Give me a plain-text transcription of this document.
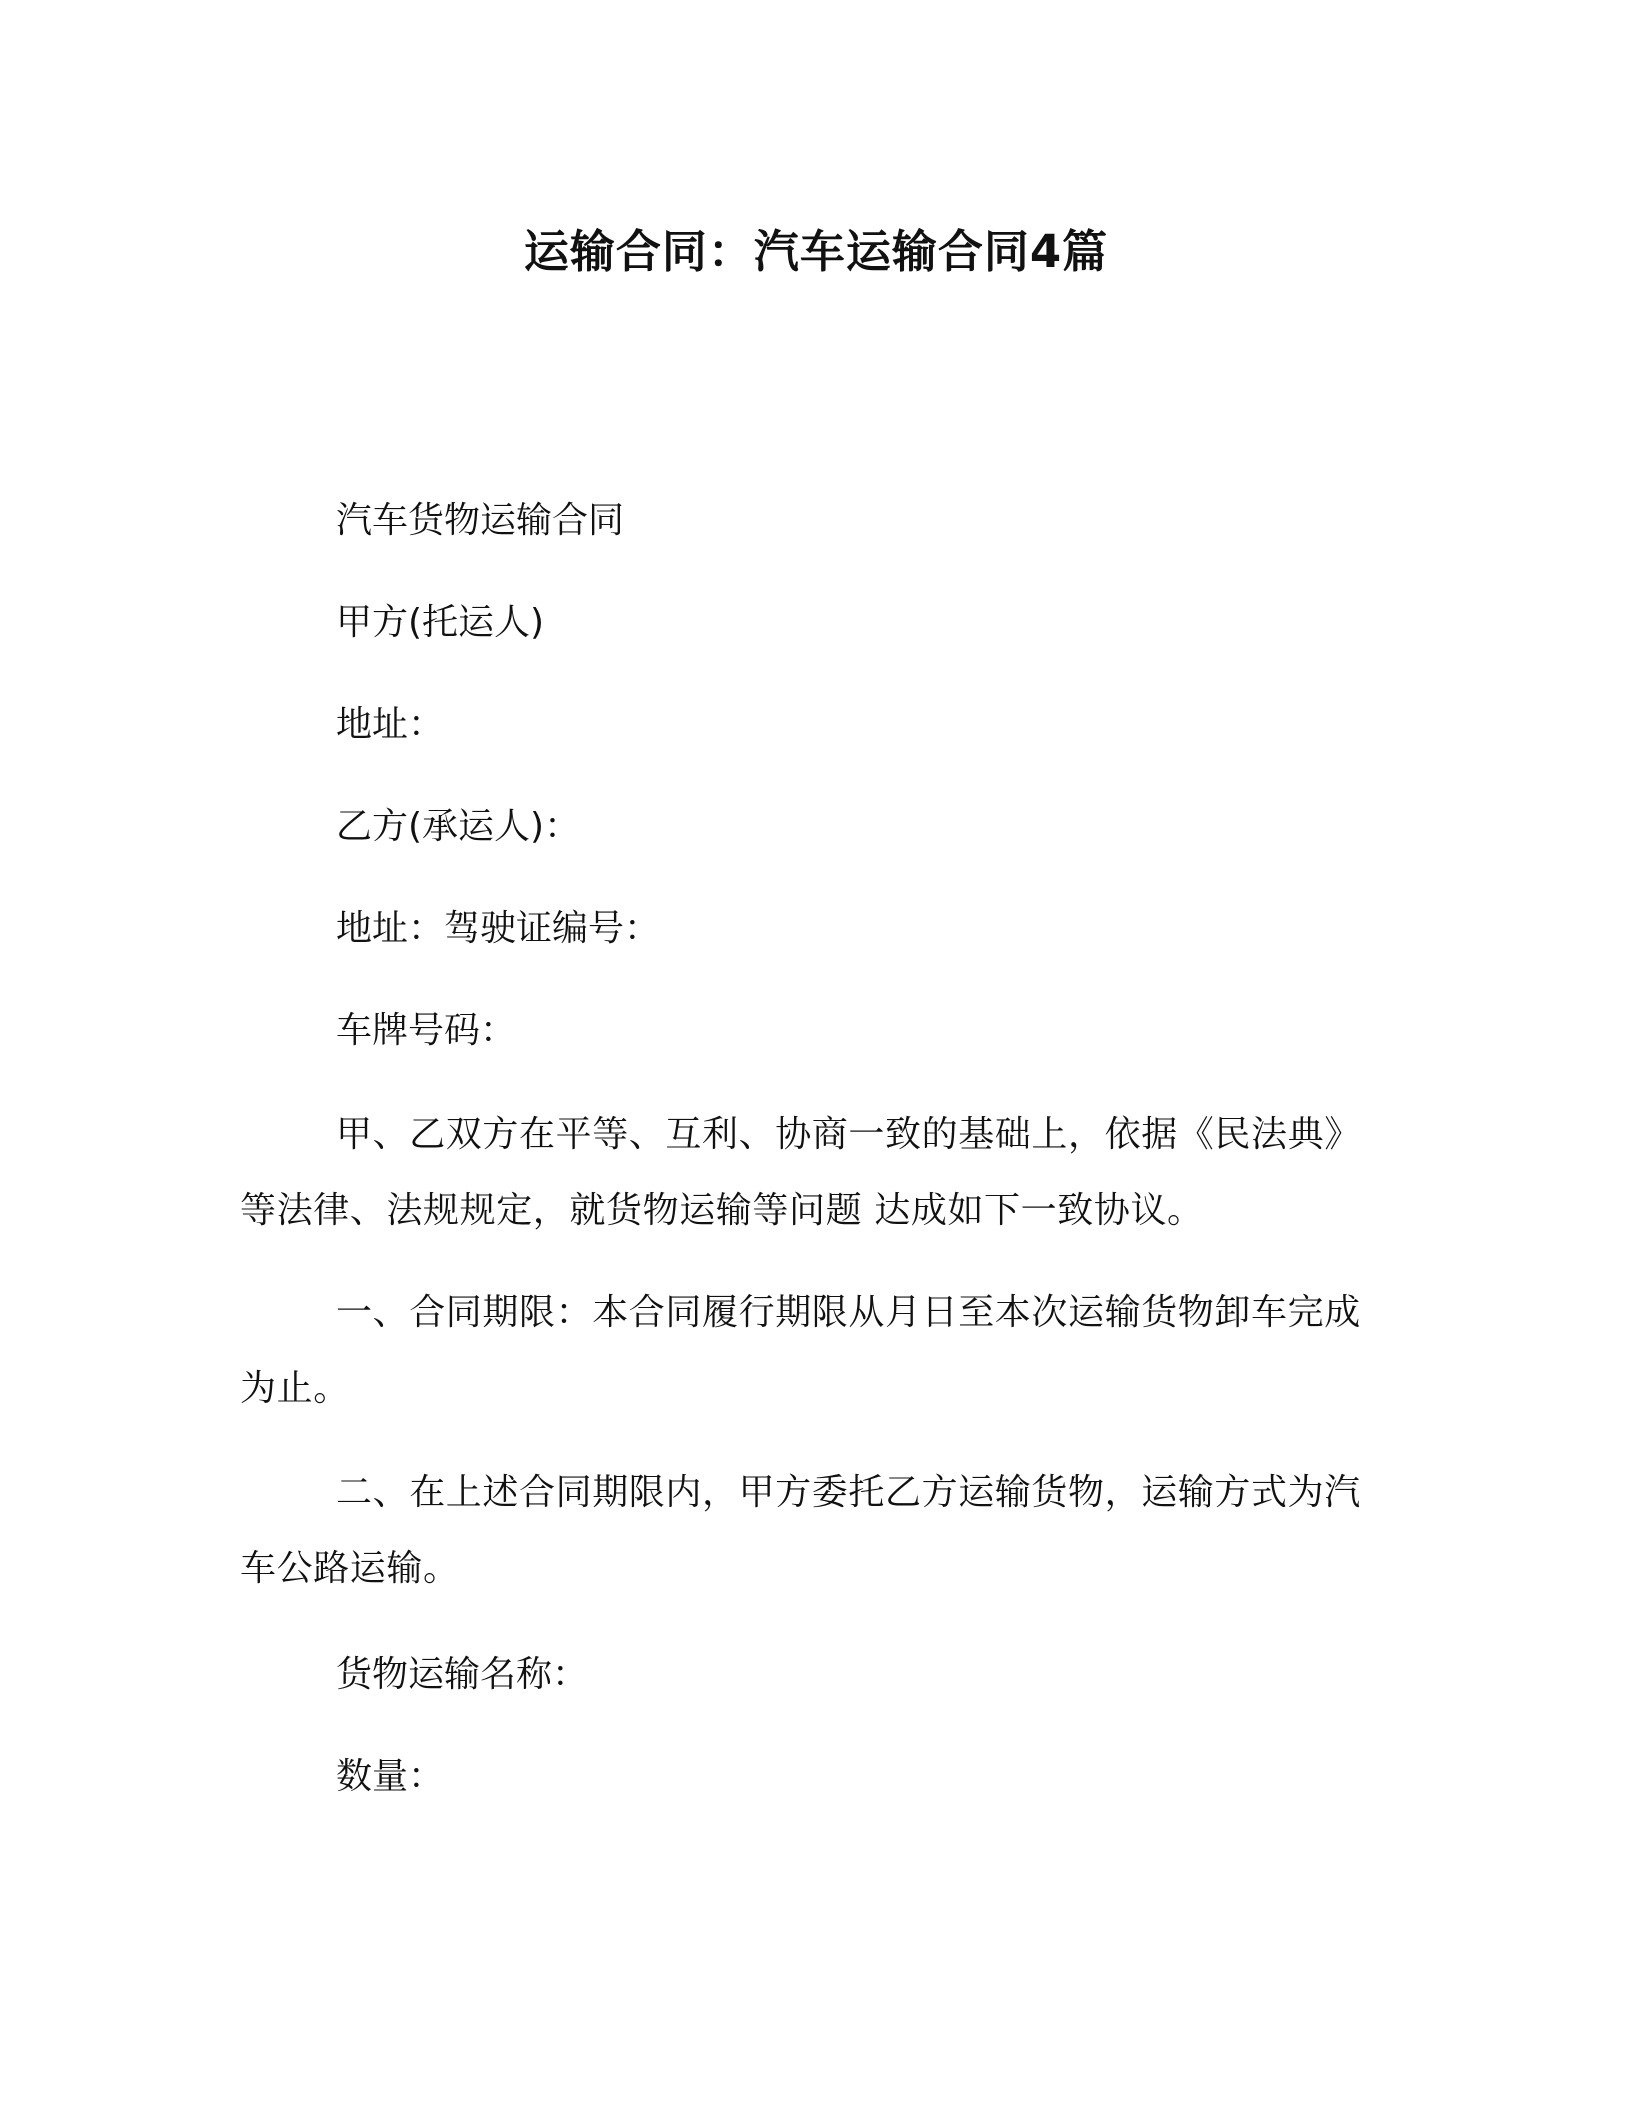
运输合同：汽车运输合同4篇

汽车货物运输合同

甲方(托运人)

地址：

乙方(承运人)：

地址：驾驶证编号：

车牌号码：

甲、乙双方在平等、互利、协商一致的基础上，依据《民法典》等法律、法规规定，就货物运输等问题 达成如下一致协议。

一、合同期限：本合同履行期限从月日至本次运输货物卸车完成为止。

二、在上述合同期限内，甲方委托乙方运输货物，运输方式为汽车公路运输。

货物运输名称：

数量：
